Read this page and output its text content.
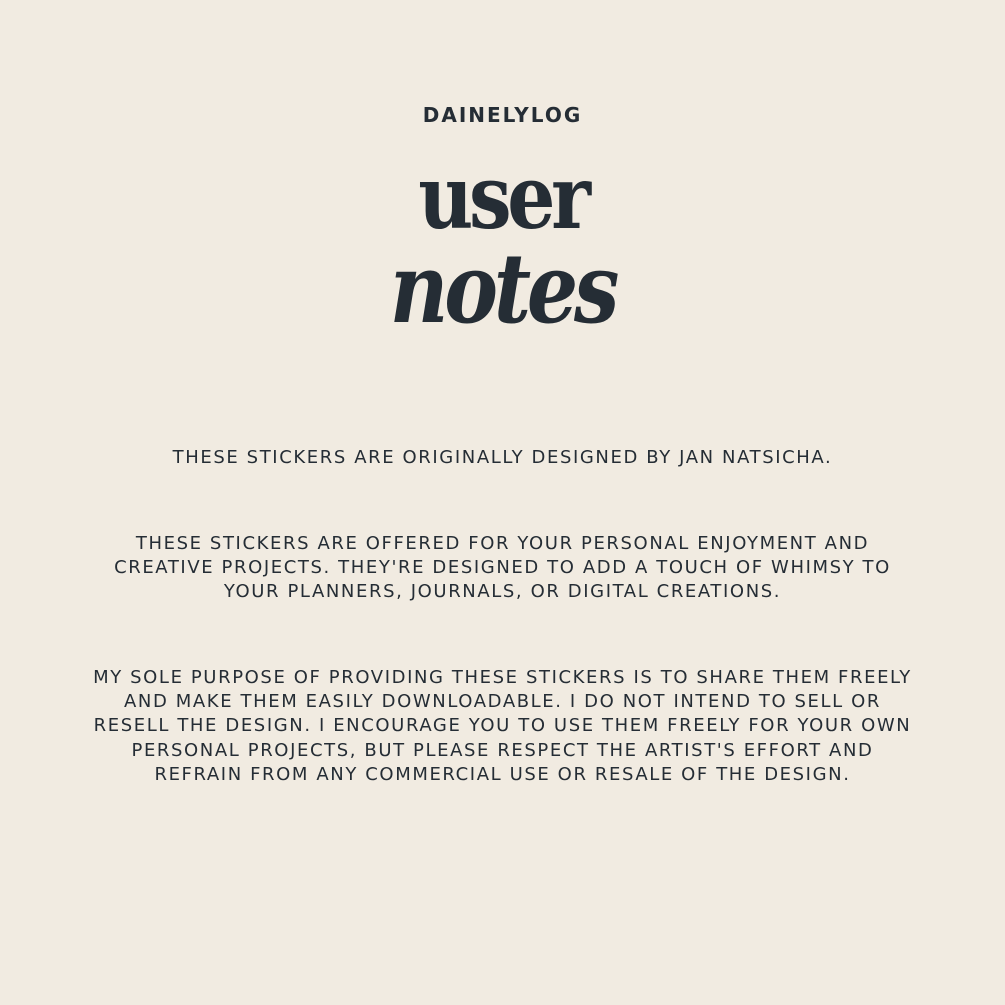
DAINELYLOG
user
notes
THESE STICKERS ARE ORIGINALLY DESIGNED BY JAN NATSICHA.
THESE STICKERS ARE OFFERED FOR YOUR PERSONAL ENJOYMENT AND CREATIVE PROJECTS. THEY'RE DESIGNED TO ADD A TOUCH OF WHIMSY TO YOUR PLANNERS, JOURNALS, OR DIGITAL CREATIONS.
MY SOLE PURPOSE OF PROVIDING THESE STICKERS IS TO SHARE THEM FREELY AND MAKE THEM EASILY DOWNLOADABLE. I DO NOT INTEND TO SELL OR RESELL THE DESIGN. I ENCOURAGE YOU TO USE THEM FREELY FOR YOUR OWN PERSONAL PROJECTS, BUT PLEASE RESPECT THE ARTIST'S EFFORT AND REFRAIN FROM ANY COMMERCIAL USE OR RESALE OF THE DESIGN.
